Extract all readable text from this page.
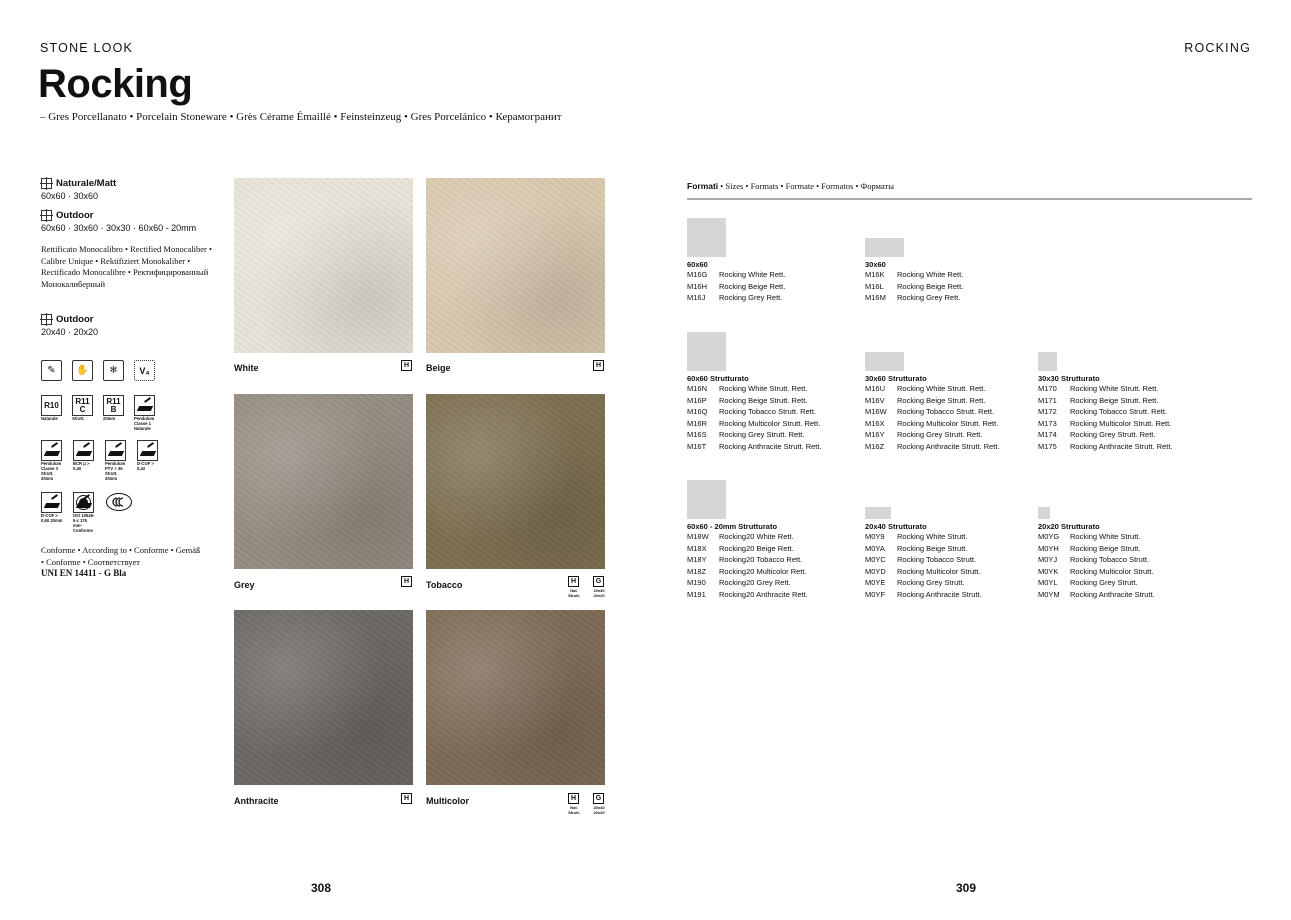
STONE LOOK	ROCKING
Rocking
– Gres Porcellanato • Porcelain Stoneware • Grès Cérame Émaillé • Feinsteinzeug • Gres Porcelánico • Керамогранит
Naturale/Matt
60x60 · 30x60
Outdoor
60x60 · 30x60 · 30x30 · 60x60 - 20mm
Rettificato Monocalibro • Rectified Monocaliber • Calibre Unique • Rektifiziert Monokaliber • Rectificado Monocalibre • Ректифицированный Монокалиберный
Outdoor
20x40 · 20x20
✎	✋	❄	V₄
R10
Naturale
R11
C
Strutt.
R11
B
20mm	Pendulum Classe 1 Naturale
Pendulum Classe 3 Strutt. 20mm
BCR μ > 0,40
Pendulum PTV > 36 Strutt. 20mm
D-COF > 0,42
D-COF > 0,60 20mm
ISO 10545-6 ≤ 175 mm³ Conforme
Conforme • According to • Conforme • Gemäß • Conforme • Соответствует
UNI EN 14411 - G Bla
White	H	Beige	H
Grey	H	Tobacco	H	G
Nat. Strutt.
20x40 20x20
Anthracite	H	Multicolor	H	G
Nat. Strutt.
20x40 20x20
Formati • Sizes • Formats • Formate • Formatos • Форматы
60x60
M16G	Rocking White Rett.
M16H	Rocking Beige Rett.
M16J	Rocking Grey Rett.
30x60
M16K	Rocking White Rett.
M16L	Rocking Beige Rett.
M16M	Rocking Grey Rett.
60x60 Strutturato
M16N	Rocking White Strutt. Rett.
M16P	Rocking Beige Strutt. Rett.
M16Q	Rocking Tobacco Strutt. Rett.
M16R	Rocking Multicolor Strutt. Rett.
M16S	Rocking Grey Strutt. Rett.
M16T	Rocking Anthracite Strutt. Rett.
30x60 Strutturato
M16U	Rocking White Strutt. Rett.
M16V	Rocking Beige Strutt. Rett.
M16W	Rocking Tobacco Strutt. Rett.
M16X	Rocking Multicolor Strutt. Rett.
M16Y	Rocking Grey Strutt. Rett.
M16Z	Rocking Anthracite Strutt. Rett.
30x30 Strutturato
M170	Rocking White Strutt. Rett.
M171	Rocking Beige Strutt. Rett.
M172	Rocking Tobacco Strutt. Rett.
M173	Rocking Multicolor Strutt. Rett.
M174	Rocking Grey Strutt. Rett.
M175	Rocking Anthracite Strutt. Rett.
60x60 - 20mm Strutturato
M18W	Rocking20 White Rett.
M18X	Rocking20 Beige Rett.
M18Y	Rocking20 Tobacco Rett.
M18Z	Rocking20 Multicolor Rett.
M190	Rocking20 Grey Rett.
M191	Rocking20 Anthracite Rett.
20x40 Strutturato
M0Y9	Rocking White Strutt.
M0YA	Rocking Beige Strutt.
M0YC	Rocking Tobacco Strutt.
M0YD	Rocking Multicolor Strutt.
M0YE	Rocking Grey Strutt.
M0YF	Rocking Anthracite Strutt.
20x20 Strutturato
M0YG	Rocking White Strutt.
M0YH	Rocking Beige Strutt.
M0YJ	Rocking Tobacco Strutt.
M0YK	Rocking Multicolor Strutt.
M0YL	Rocking Grey Strutt.
M0YM	Rocking Anthracite Strutt.
308	309
